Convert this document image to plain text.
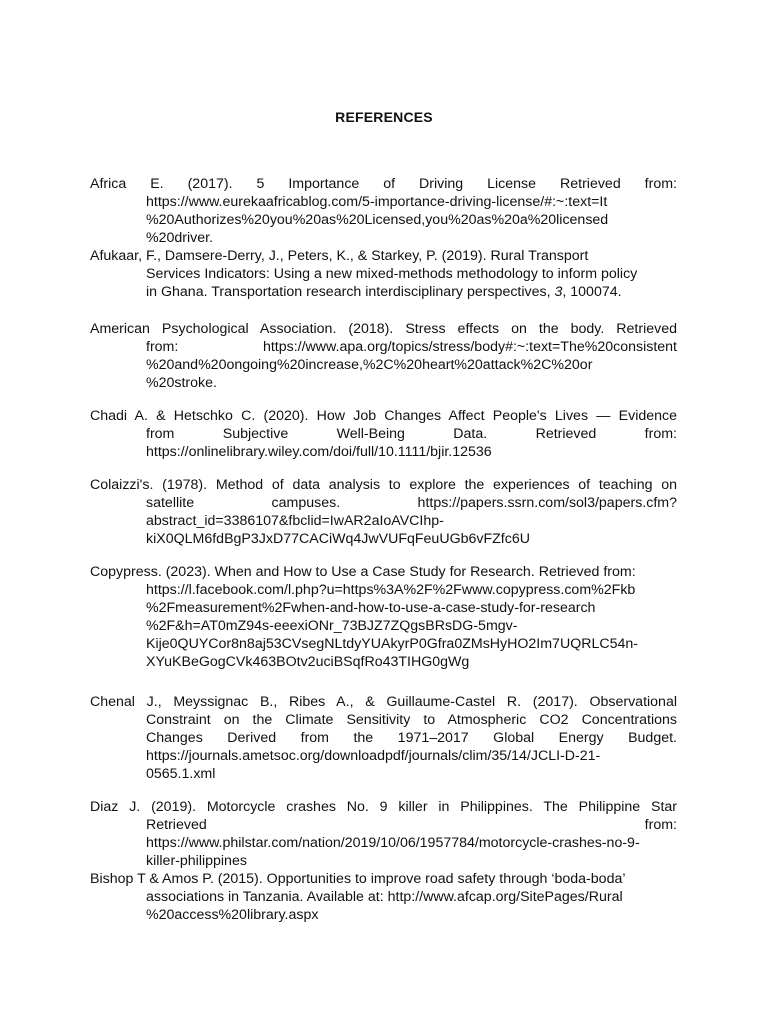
REFERENCES
Africa E. (2017). 5 Importance of Driving License Retrieved from:
https://www.eurekaafricablog.com/5-importance-driving-license/#:~:text=It
%20Authorizes%20you%20as%20Licensed,you%20as%20a%20licensed
%20driver.
Afukaar, F., Damsere-Derry, J., Peters, K., & Starkey, P. (2019). Rural Transport
Services Indicators: Using a new mixed-methods methodology to inform policy
in Ghana. Transportation research interdisciplinary perspectives, 3, 100074.
American Psychological Association. (2018). Stress effects on the body. Retrieved
from: https://www.apa.org/topics/stress/body#:~:text=The%20consistent
%20and%20ongoing%20increase,%2C%20heart%20attack%2C%20or
%20stroke.
Chadi A. & Hetschko C. (2020). How Job Changes Affect People's Lives — Evidence
from Subjective Well-Being Data. Retrieved from:
https://onlinelibrary.wiley.com/doi/full/10.1111/bjir.12536
Colaizzi's. (1978). Method of data analysis to explore the experiences of teaching on
satellite campuses. https://papers.ssrn.com/sol3/papers.cfm?
abstract_id=3386107&fbclid=IwAR2aIoAVCIhp-
kiX0QLM6fdBgP3JxD77CACiWq4JwVUFqFeuUGb6vFZfc6U
Copypress. (2023). When and How to Use a Case Study for Research. Retrieved from:
https://l.facebook.com/l.php?u=https%3A%2F%2Fwww.copypress.com%2Fkb
%2Fmeasurement%2Fwhen-and-how-to-use-a-case-study-for-research
%2F&h=AT0mZ94s-eeexiONr_73BJZ7ZQgsBRsDG-5mgv-
Kije0QUYCor8n8aj53CVsegNLtdyYUAkyrP0Gfra0ZMsHyHO2Im7UQRLC54n-
XYuKBeGogCVk463BOtv2uciBSqfRo43TIHG0gWg
Chenal J., Meyssignac B., Ribes A., & Guillaume-Castel R. (2017). Observational
Constraint on the Climate Sensitivity to Atmospheric CO2 Concentrations
Changes Derived from the 1971–2017 Global Energy Budget.
https://journals.ametsoc.org/downloadpdf/journals/clim/35/14/JCLI-D-21-
0565.1.xml
Diaz J. (2019). Motorcycle crashes No. 9 killer in Philippines. The Philippine Star
Retrieved from:
https://www.philstar.com/nation/2019/10/06/1957784/motorcycle-crashes-no-9-
killer-philippines
Bishop T & Amos P. (2015). Opportunities to improve road safety through ‘boda-boda’
associations in Tanzania. Available at: http://www.afcap.org/SitePages/Rural
%20access%20library.aspx
